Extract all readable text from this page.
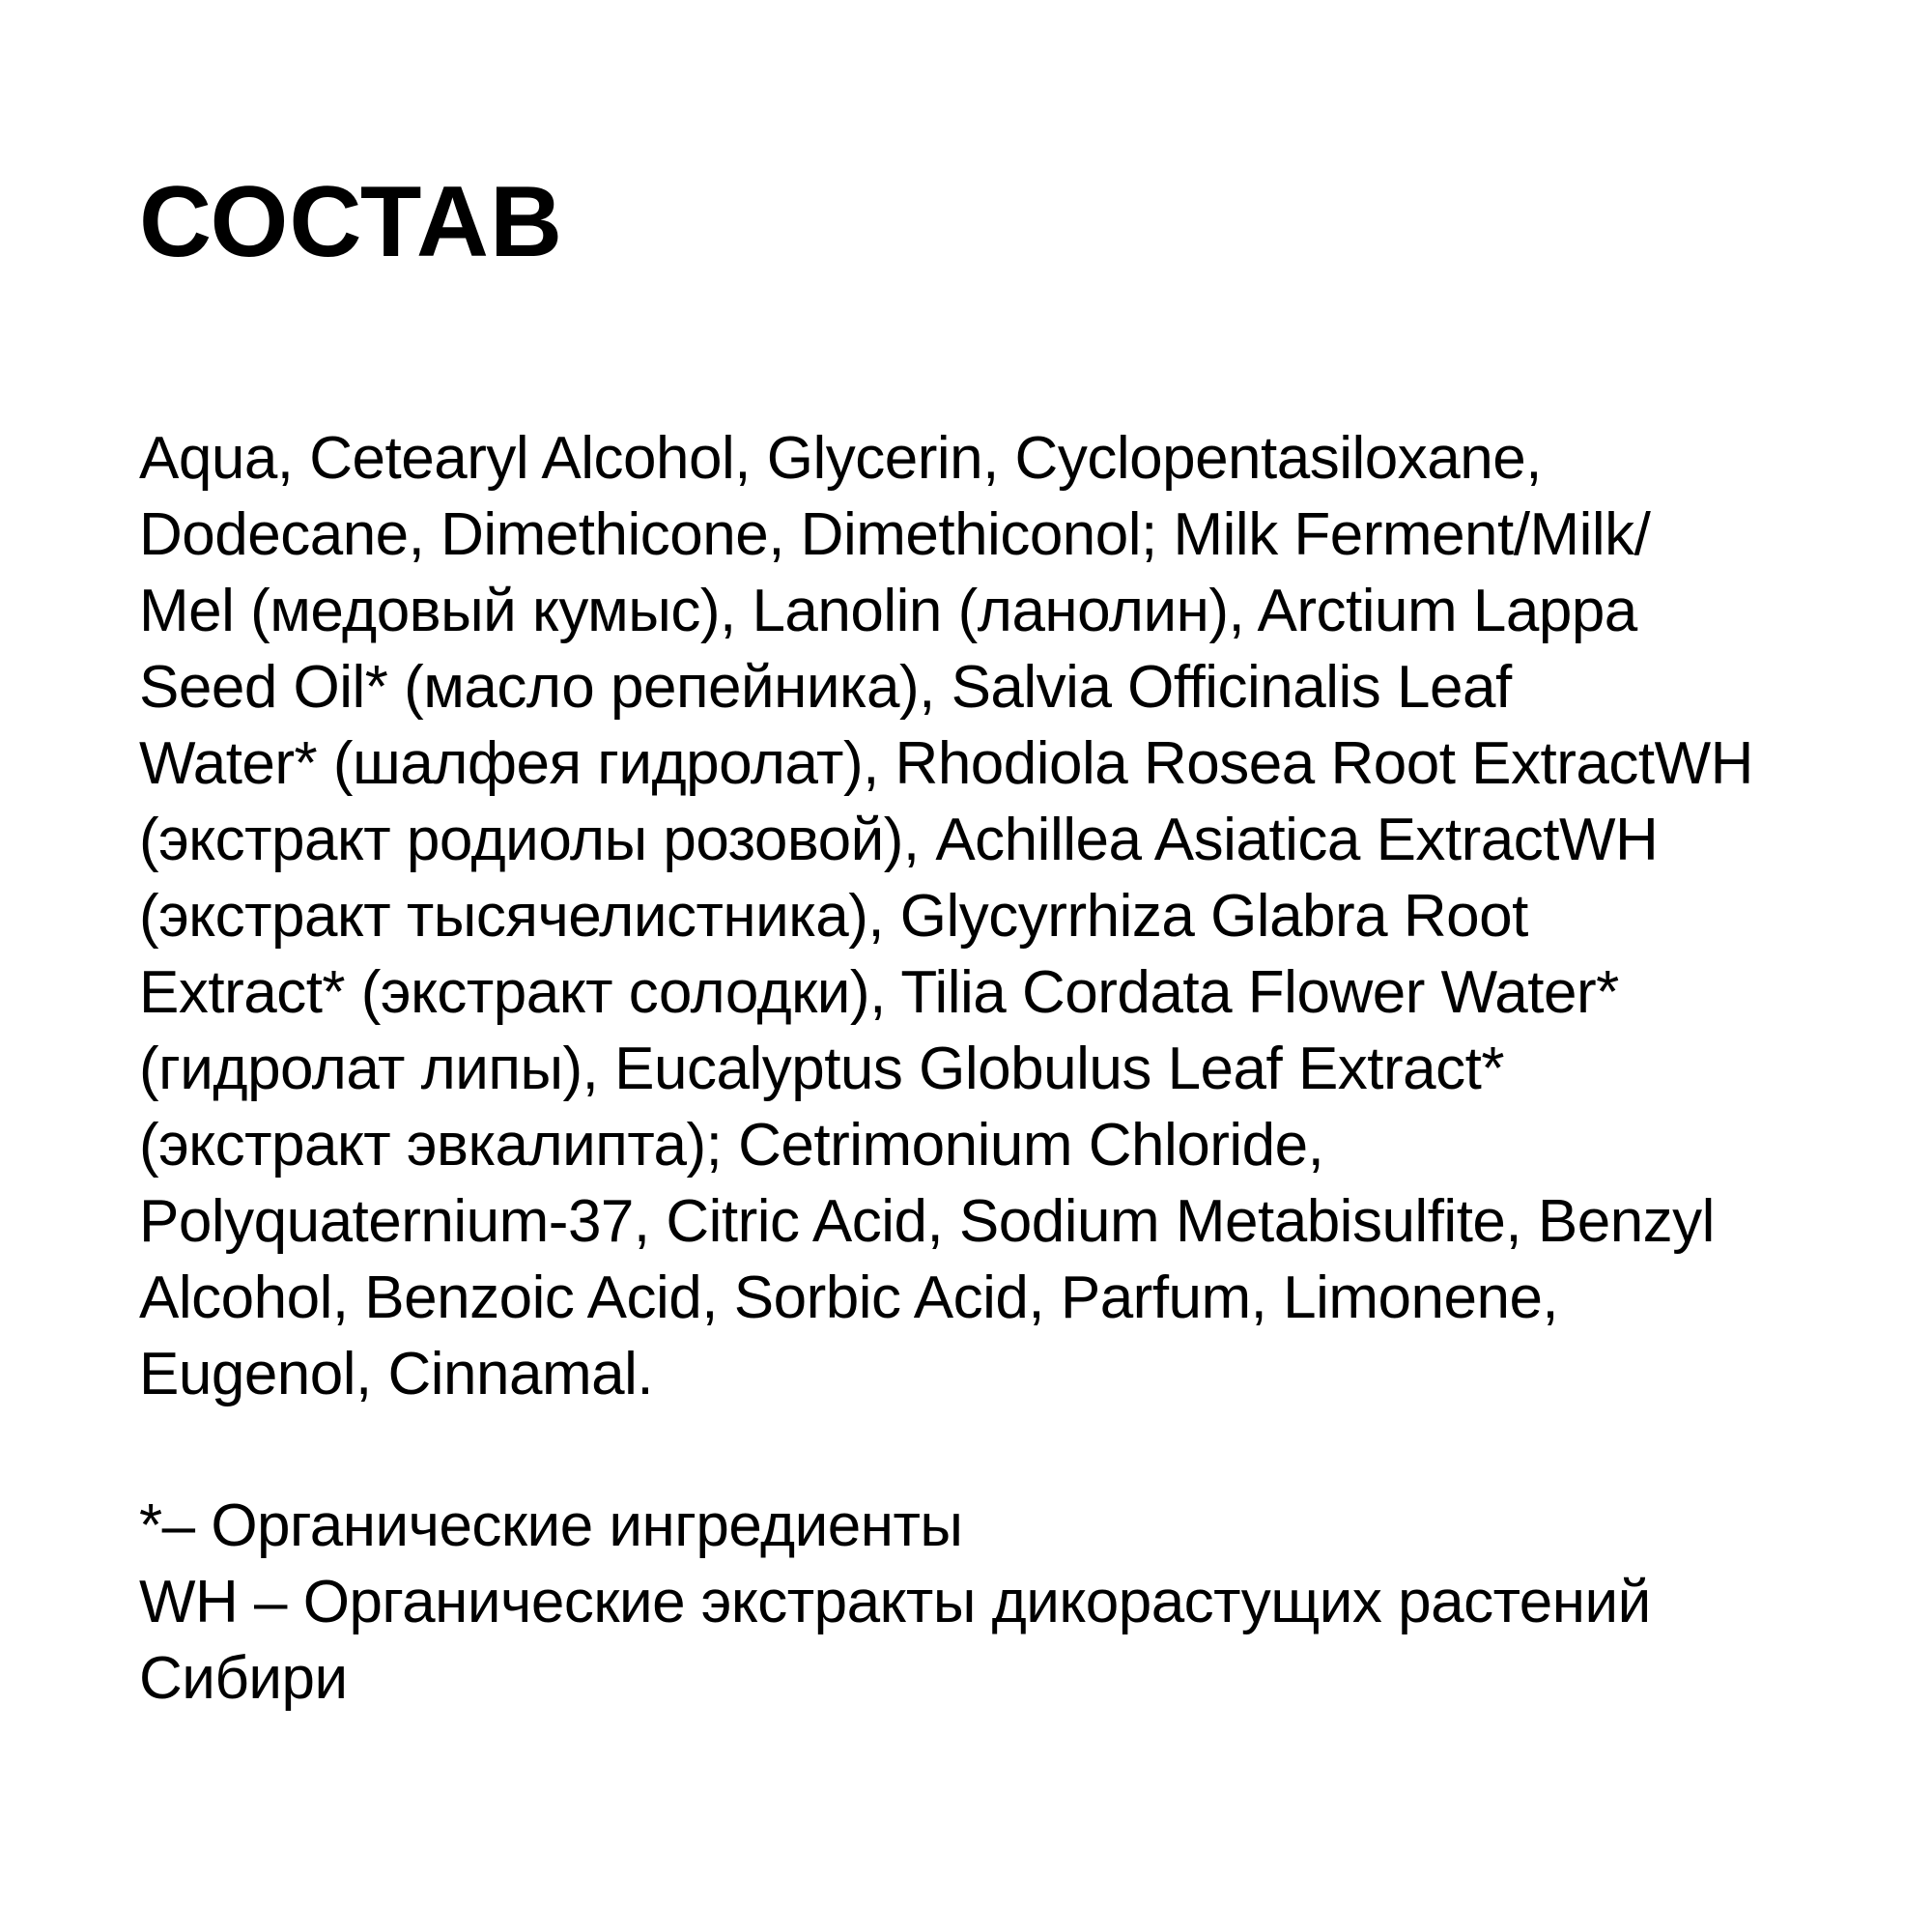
СОСТАВ
Aqua, Cetearyl Alcohol, Glycerin, Cyclopentasiloxane,
Dodecane, Dimethicone, Dimethiconol; Milk Ferment/Milk/
Mel (медовый кумыс), Lanolin (ланолин), Arctium Lappa
Seed Oil* (масло репейника), Salvia Officinalis Leaf
Water* (шалфея гидролат), Rhodiola Rosea Root ExtractWH
(экстракт родиолы розовой), Achillea Asiatica ExtractWH
(экстракт тысячелистника), Glycyrrhiza Glabra Root
Extract* (экстракт солодки), Tilia Cordata Flower Water*
(гидролат липы), Eucalyptus Globulus Leaf Extract*
(экстракт эвкалипта); Cetrimonium Chloride,
Polyquaternium-37, Citric Acid, Sodium Metabisulfite, Benzyl
Alcohol, Benzoic Acid, Sorbic Acid, Parfum, Limonene,
Eugenol, Cinnamal.
*– Органические ингредиенты
WH – Органические экстракты дикорастущих растений
Сибири
